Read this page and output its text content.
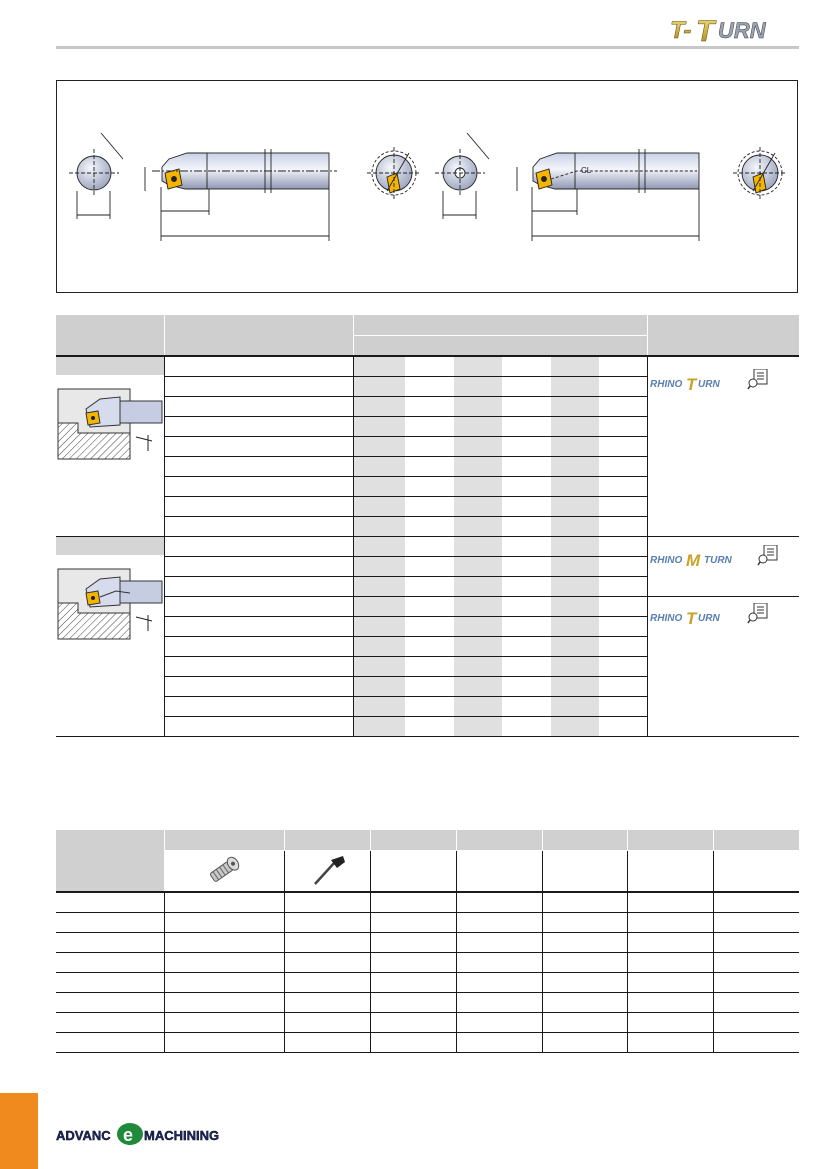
T- T URN
CL

RHINO T URN

RHINO M TURN

RHINO T URN

ADVANC e MACHINING
